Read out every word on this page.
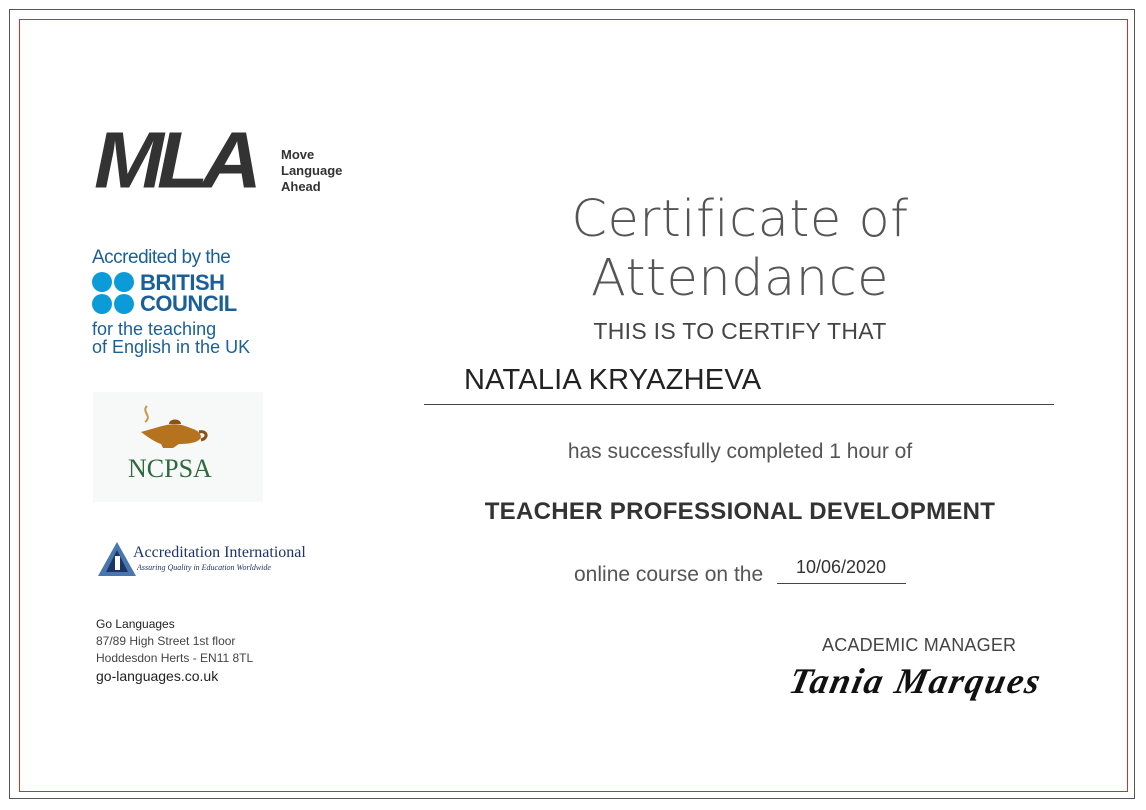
MLA Move
Language
Ahead
Accredited by the
BRITISH
COUNCIL
for the teaching
of English in the UK
NCPSA
Accreditation International
Assuring Quality in Education Worldwide
Go Languages
87/89 High Street 1st floor
Hoddesdon Herts - EN11 8TL
go-languages.co.uk
Certificate of Attendance
THIS IS TO CERTIFY THAT
NATALIA KRYAZHEVA
has successfully completed 1 hour of
TEACHER PROFESSIONAL DEVELOPMENT
online course on the	10/06/2020
ACADEMIC MANAGER
Tania Marques
